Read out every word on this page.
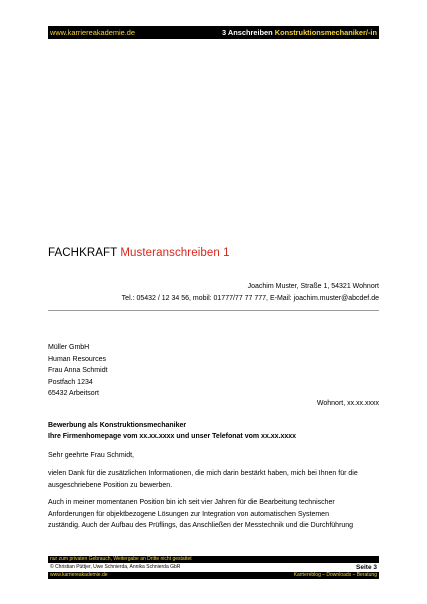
www.karriereakademie.de	3 Anschreiben Konstruktionsmechaniker/-in
FACHKRAFT Musteranschreiben 1
Joachim Muster, Straße 1, 54321 Wohnort
Tel.: 05432 / 12 34 56, mobil: 01777/77 77 777, E-Mail: joachim.muster@abcdef.de
Müller GmbH
Human Resources
Frau Anna Schmidt
Postfach 1234
65432 Arbeitsort
Wohnort, xx.xx.xxxx
Bewerbung als Konstruktionsmechaniker
Ihre Firmenhomepage vom xx.xx.xxxx und unser Telefonat vom xx.xx.xxxx
Sehr geehrte Frau Schmidt,
vielen Dank für die zusätzlichen Informationen, die mich darin bestärkt haben, mich bei Ihnen für die
ausgeschriebene Position zu bewerben.
Auch in meiner momentanen Position bin ich seit vier Jahren für die Bearbeitung technischer
Anforderungen für objektbezogene Lösungen zur Integration von automatischen Systemen
zuständig. Auch der Aufbau des Prüflings, das Anschließen der Messtechnik und die Durchführung
nur zum privaten Gebrauch, Weitergabe an Dritte nicht gestattet
© Christian Püttjer, Uwe Schnierda, Annika Schnierda GbR	Seite 3
www.karriereakademie.de	Karriereblog – Downloads – Beratung
